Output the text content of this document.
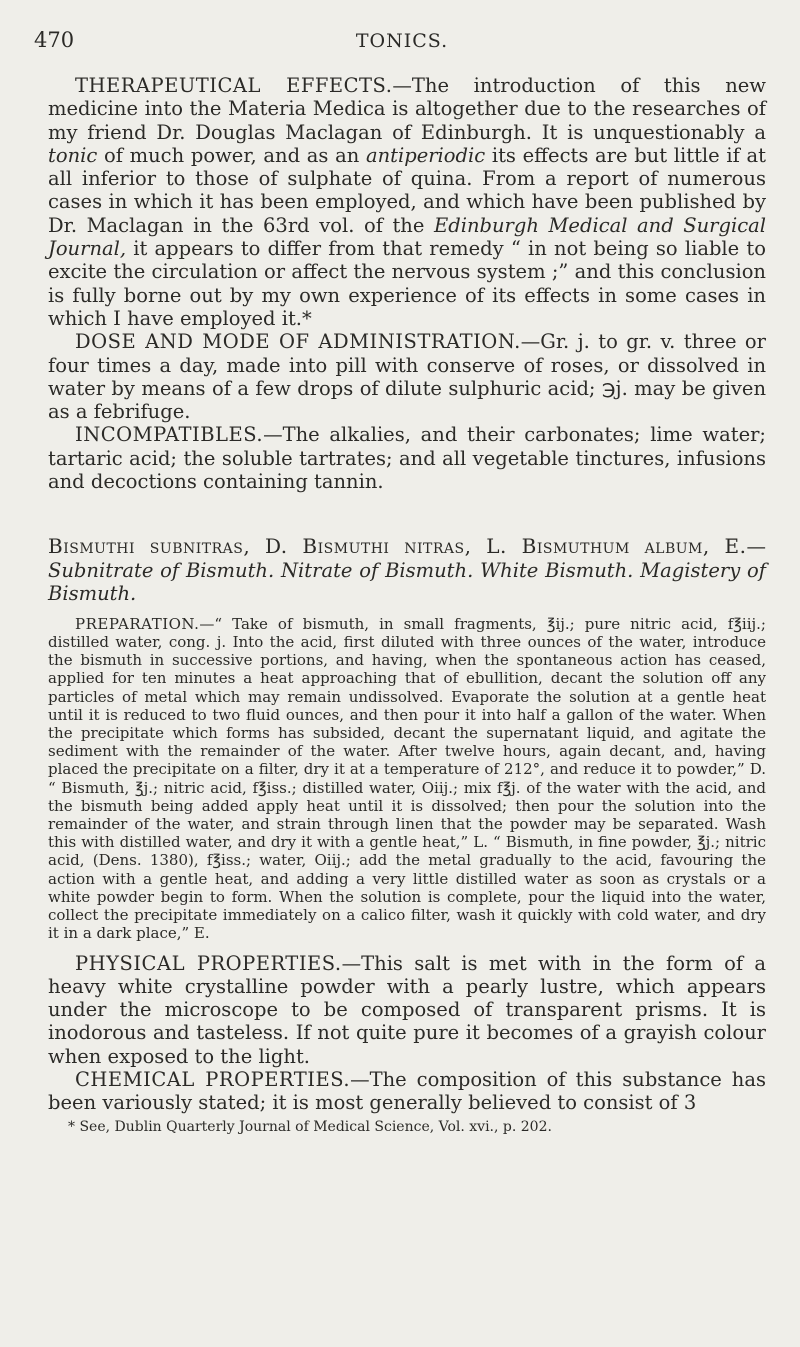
470	TONICS.

THERAPEUTICAL EFFECTS.—The introduction of this new medicine into the Materia Medica is altogether due to the researches of my friend Dr. Douglas Maclagan of Edinburgh. It is unquestionably a tonic of much power, and as an antiperiodic its effects are but little if at all inferior to those of sulphate of quina. From a report of numerous cases in which it has been employed, and which have been published by Dr. Maclagan in the 63rd vol. of the Edinburgh Medical and Surgical Journal, it appears to differ from that remedy “ in not being so liable to excite the circulation or affect the nervous system ;” and this conclusion is fully borne out by my own experience of its effects in some cases in which I have employed it.*

DOSE AND MODE OF ADMINISTRATION.—Gr. j. to gr. v. three or four times a day, made into pill with conserve of roses, or dissolved in water by means of a few drops of dilute sulphuric acid; ℈j. may be given as a febrifuge.

INCOMPATIBLES.—The alkalies, and their carbonates; lime water; tartaric acid; the soluble tartrates; and all vegetable tinctures, infusions and decoctions containing tannin.

Bismuthi subnitras, D. Bismuthi nitras, L. Bismuthum album, E.—Subnitrate of Bismuth. Nitrate of Bismuth. White Bismuth. Magistery of Bismuth.

PREPARATION.—“ Take of bismuth, in small fragments, ℥ij.; pure nitric acid, f℥iij.; distilled water, cong. j. Into the acid, first diluted with three ounces of the water, introduce the bismuth in successive portions, and having, when the spontaneous action has ceased, applied for ten minutes a heat approaching that of ebullition, decant the solution off any particles of metal which may remain undissolved. Evaporate the solution at a gentle heat until it is reduced to two fluid ounces, and then pour it into half a gallon of the water. When the precipitate which forms has subsided, decant the supernatant liquid, and agitate the sediment with the remainder of the water. After twelve hours, again decant, and, having placed the precipitate on a filter, dry it at a temperature of 212°, and reduce it to powder,” D. “ Bismuth, ℥j.; nitric acid, f℥iss.; distilled water, Oiij.; mix f℥j. of the water with the acid, and the bismuth being added apply heat until it is dissolved; then pour the solution into the remainder of the water, and strain through linen that the powder may be separated. Wash this with distilled water, and dry it with a gentle heat,” L. “ Bismuth, in fine powder, ℥j.; nitric acid, (Dens. 1380), f℥iss.; water, Oiij.; add the metal gradually to the acid, favouring the action with a gentle heat, and adding a very little distilled water as soon as crystals or a white powder begin to form. When the solution is complete, pour the liquid into the water, collect the precipitate immediately on a calico filter, wash it quickly with cold water, and dry it in a dark place,” E.

PHYSICAL PROPERTIES.—This salt is met with in the form of a heavy white crystalline powder with a pearly lustre, which appears under the microscope to be composed of transparent prisms. It is inodorous and tasteless. If not quite pure it becomes of a grayish colour when exposed to the light.

CHEMICAL PROPERTIES.—The composition of this substance has been variously stated; it is most generally believed to consist of 3

* See, Dublin Quarterly Journal of Medical Science, Vol. xvi., p. 202.
